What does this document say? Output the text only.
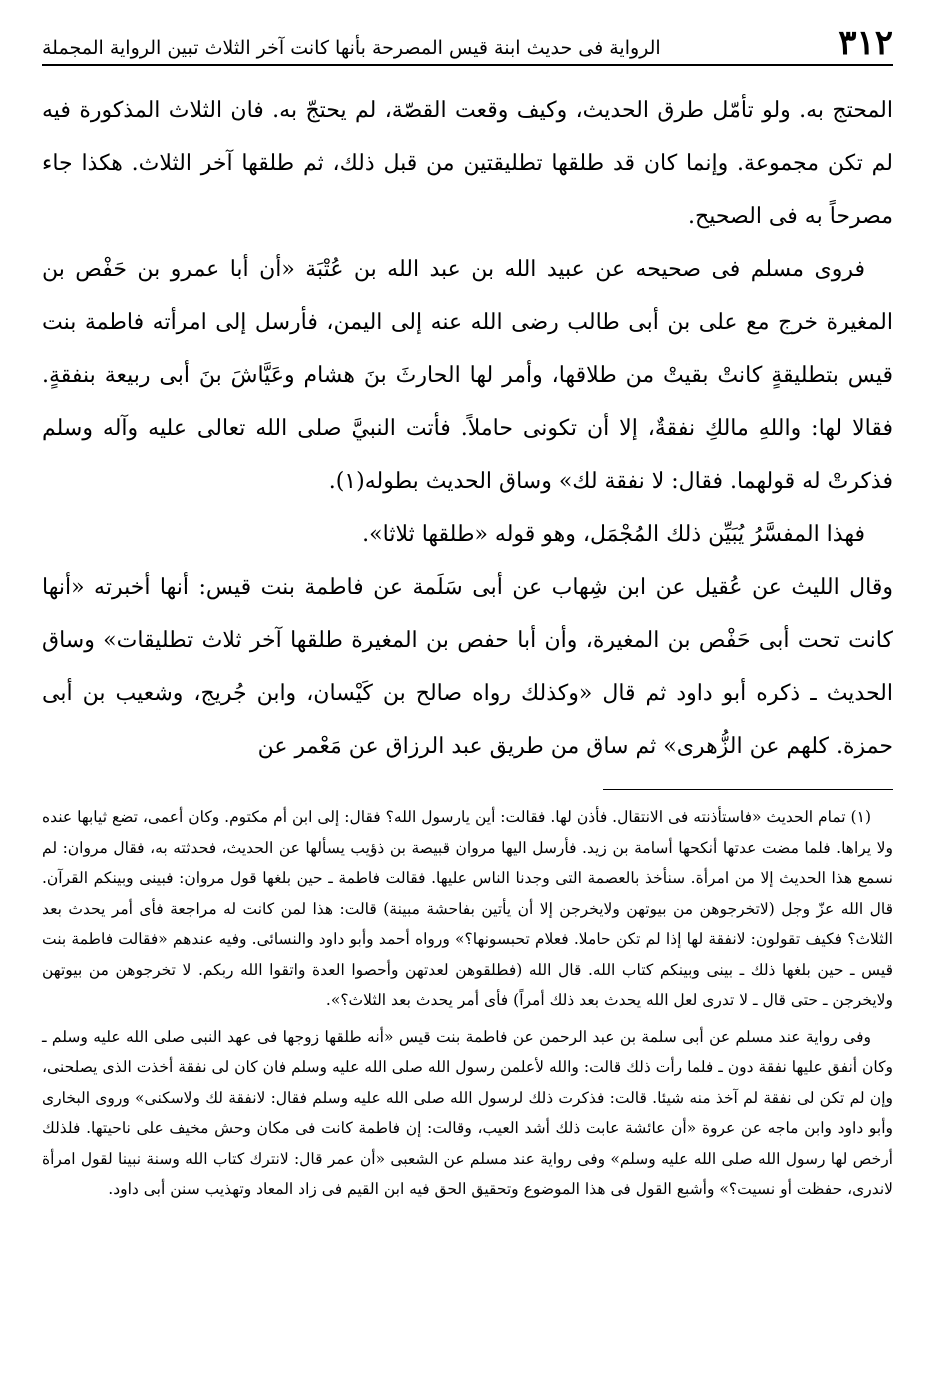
٣١٢
الرواية فى حديث ابنة قيس المصرحة بأنها كانت آخر الثلاث تبين الرواية المجملة

المحتج به. ولو تأمّل طرق الحديث، وكيف وقعت القصّة، لم يحتجّ به. فان الثلاث المذكورة فيه لم تكن مجموعة. وإنما كان قد طلقها تطليقتين من قبل ذلك، ثم طلقها آخر الثلاث. هكذا جاء مصرحاً به فى الصحيح.

فروى مسلم فى صحيحه عن عبيد الله بن عبد الله بن عُتْبَة «أن أبا عمرو بن حَفْص بن المغيرة خرج مع على بن أبى طالب رضى الله عنه إلى اليمن، فأرسل إلى امرأته فاطمة بنت قيس بتطليقةٍ كانتْ بقيتْ من طلاقها، وأمر لها الحارثَ بنَ هشام وعَيَّاشَ بنَ أبى ربيعة بنفقةٍ. فقالا لها: واللهِ مالكِ نفقةٌ، إلا أن تكونى حاملاً. فأتت النبيَّ صلى الله تعالى عليه وآله وسلم فذكرتْ له قولهما. فقال: لا نفقة لك» وساق الحديث بطوله(١).

فهذا المفسَّرُ يُبَيِّن ذلك المُجْمَل، وهو قوله «طلقها ثلاثا».

وقال الليث عن عُقيل عن ابن شِهاب عن أبى سَلَمة عن فاطمة بنت قيس: أنها أخبرته «أنها كانت تحت أبى حَفْص بن المغيرة، وأن أبا حفص بن المغيرة طلقها آخر ثلاث تطليقات» وساق الحديث ـ ذكره أبو داود ثم قال «وكذلك رواه صالح بن كَيْسان، وابن جُريج، وشعيب بن أبى حمزة. كلهم عن الزُّهرى» ثم ساق من طريق عبد الرزاق عن مَعْمر عن

(١) تمام الحديث «فاستأذنته فى الانتقال. فأذن لها. فقالت: أين يارسول الله؟ فقال: إلى ابن أم مكتوم. وكان أعمى، تضع ثيابها عنده ولا يراها. فلما مضت عدتها أنكحها أسامة بن زيد. فأرسل اليها مروان قبيصة بن ذؤيب يسألها عن الحديث، فحدثته به، فقال مروان: لم نسمع هذا الحديث إلا من امرأة. سنأخذ بالعصمة التى وجدنا الناس عليها. فقالت فاطمة ـ حين بلغها قول مروان: فبينى وبينكم القرآن. قال الله عزّ وجل (لاتخرجوهن من بيوتهن ولايخرجن إلا أن يأتين بفاحشة مبينة) قالت: هذا لمن كانت له مراجعة فأى أمر يحدث بعد الثلاث؟ فكيف تقولون: لانفقة لها إذا لم تكن حاملا. فعلام تحبسونها؟» ورواه أحمد وأبو داود والنسائى. وفيه عندهم «فقالت فاطمة بنت قيس ـ حين بلغها ذلك ـ بينى وبينكم كتاب الله. قال الله (فطلقوهن لعدتهن وأحصوا العدة واتقوا الله ربكم. لا تخرجوهن من بيوتهن ولايخرجن ـ حتى قال ـ لا تدرى لعل الله يحدث بعد ذلك أمراً) فأى أمر يحدث بعد الثلاث؟».

وفى رواية عند مسلم عن أبى سلمة بن عبد الرحمن عن فاطمة بنت قيس «أنه طلقها زوجها فى عهد النبى صلى الله عليه وسلم ـ وكان أنفق عليها نفقة دون ـ فلما رأت ذلك قالت: والله لأعلمن رسول الله صلى الله عليه وسلم فان كان لى نفقة أخذت الذى يصلحنى، وإن لم تكن لى نفقة لم آخذ منه شيئا. قالت: فذكرت ذلك لرسول الله صلى الله عليه وسلم فقال: لانفقة لك ولاسكنى» وروى البخارى وأبو داود وابن ماجه عن عروة «أن عائشة عابت ذلك أشد العيب، وقالت: إن فاطمة كانت فى مكان وحش مخيف على ناحيتها. فلذلك أرخص لها رسول الله صلى الله عليه وسلم» وفى رواية عند مسلم عن الشعبى «أن عمر قال: لانترك كتاب الله وسنة نبينا لقول امرأة لاندرى، حفظت أو نسيت؟» وأشبع القول فى هذا الموضوع وتحقيق الحق فيه ابن القيم فى زاد المعاد وتهذيب سنن أبى داود.
